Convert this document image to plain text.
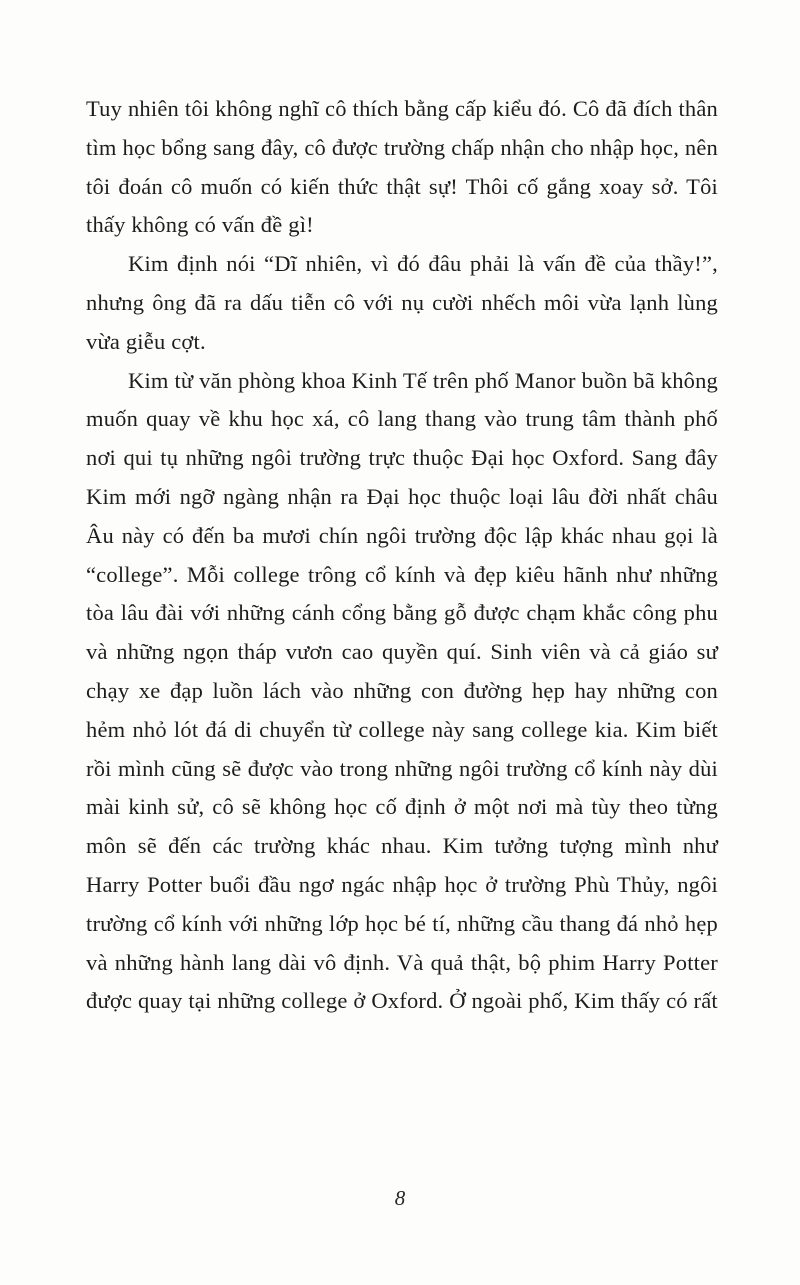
Tuy nhiên tôi không nghĩ cô thích bằng cấp kiểu đó. Cô đã đích thân tìm học bổng sang đây, cô được trường chấp nhận cho nhập học, nên tôi đoán cô muốn có kiến thức thật sự! Thôi cố gắng xoay sở. Tôi thấy không có vấn đề gì!

Kim định nói “Dĩ nhiên, vì đó đâu phải là vấn đề của thầy!”, nhưng ông đã ra dấu tiễn cô với nụ cười nhếch môi vừa lạnh lùng vừa giễu cợt.

Kim từ văn phòng khoa Kinh Tế trên phố Manor buồn bã không muốn quay về khu học xá, cô lang thang vào trung tâm thành phố nơi qui tụ những ngôi trường trực thuộc Đại học Oxford. Sang đây Kim mới ngỡ ngàng nhận ra Đại học thuộc loại lâu đời nhất châu Âu này có đến ba mươi chín ngôi trường độc lập khác nhau gọi là “college”. Mỗi college trông cổ kính và đẹp kiêu hãnh như những tòa lâu đài với những cánh cổng bằng gỗ được chạm khắc công phu và những ngọn tháp vươn cao quyền quí. Sinh viên và cả giáo sư chạy xe đạp luồn lách vào những con đường hẹp hay những con hẻm nhỏ lót đá di chuyển từ college này sang college kia. Kim biết rồi mình cũng sẽ được vào trong những ngôi trường cổ kính này dùi mài kinh sử, cô sẽ không học cố định ở một nơi mà tùy theo từng môn sẽ đến các trường khác nhau. Kim tưởng tượng mình như Harry Potter buổi đầu ngơ ngác nhập học ở trường Phù Thủy, ngôi trường cổ kính với những lớp học bé tí, những cầu thang đá nhỏ hẹp và những hành lang dài vô định. Và quả thật, bộ phim Harry Potter được quay tại những college ở Oxford. Ở ngoài phố, Kim thấy có rất

8
